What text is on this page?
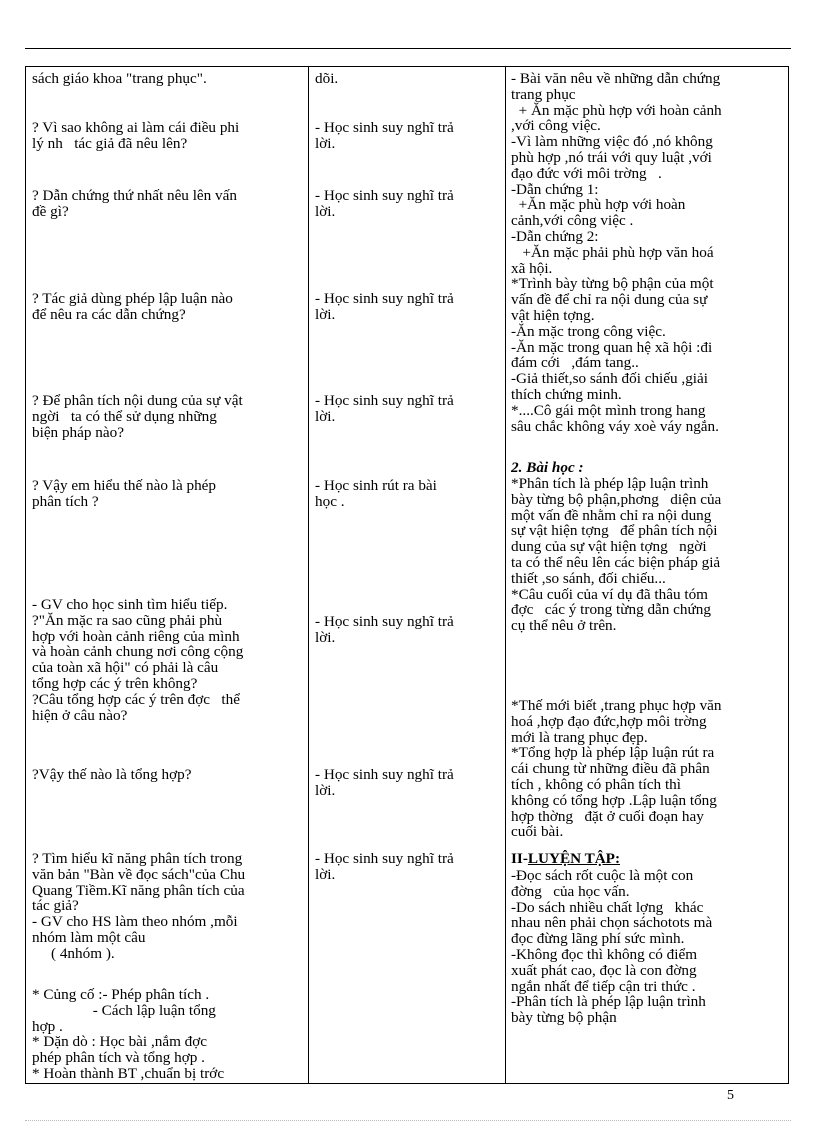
sách giáo khoa "trang phục".
? Vì sao không ai làm cái điều phi
lý nh   tác giả đã nêu lên?
? Dẫn chứng thứ nhất nêu lên vấn
đề gì?
? Tác giả dùng phép lập luận nào
để nêu ra các dẫn chứng?
? Để phân tích nội dung của sự vật
ngời   ta có thể sử dụng những
biện pháp nào?
? Vậy em hiểu thế nào là phép
phân tích ?
- GV cho học sinh tìm hiểu tiếp.
?"Ăn mặc ra sao cũng phải phù
hợp với hoàn cảnh riêng của mình
và hoàn cảnh chung nơi công cộng
của toàn xã hội" có phải là câu
tổng hợp các ý trên không?
?Câu tổng hợp các ý trên đợc   thể
hiện ở câu nào?
?Vậy thế nào là tổng hợp?
? Tìm hiểu kĩ năng phân tích trong
văn bản "Bàn về đọc sách"của Chu
Quang Tiềm.Kĩ năng phân tích của
tác giả?
- GV cho HS làm theo nhóm ,mỗi
nhóm làm một câu
( 4nhóm ).
* Củng cố :- Phép phân tích .
- Cách lập luận tổng
hợp .
* Dặn dò : Học bài ,nắm đợc
phép phân tích và tổng hợp .
* Hoàn thành BT ,chuẩn bị trớc
dõi.
- Học sinh suy nghĩ trả
lời.
- Học sinh suy nghĩ trả
lời.
- Học sinh suy nghĩ trả
lời.
- Học sinh suy nghĩ trả
lời.
- Học sinh rút ra bài
học .
- Học sinh suy nghĩ trả
lời.
- Học sinh suy nghĩ trả
lời.
- Học sinh suy nghĩ trả
lời.
- Bài văn nêu về những dẫn chứng
trang phục
+ Ăn mặc phù hợp với hoàn cảnh
,với công việc.
-Vì làm những việc đó ,nó không
phù hợp ,nó trái với quy luật ,với
đạo đức với môi trờng   .
-Dẫn chứng 1:
+Ăn mặc phù hợp với hoàn
cảnh,với công việc .
-Dẫn chứng 2:
+Ăn mặc phải phù hợp văn hoá
xã hội.
*Trình bày từng bộ phận của một
vấn đề để chỉ ra nội dung của sự
vật hiện tợng.
-Ăn mặc trong công việc.
-Ăn mặc trong quan hệ xã hội :đi
đám cới   ,đám tang..
-Giả thiết,so sánh đối chiếu ,giải
thích chứng minh.
*....Cô gái một mình trong hang
sâu chắc không váy xoè váy ngắn.
2. Bài học :
*Phân tích là phép lập luận trình
bày từng bộ phận,phơng   diện của
một vấn đề nhằm chỉ ra nội dung
sự vật hiện tợng   để phân tích nội
dung của sự vật hiện tợng   ngời
ta có thể nêu lên các biện pháp giả
thiết ,so sánh, đối chiếu...
*Câu cuối của ví dụ đã thâu tóm
đợc   các ý trong từng dẫn chứng
cụ thể nêu ở trên.
*Thế mới biết ,trang phục hợp văn
hoá ,hợp đạo đức,hợp môi trờng
mới là trang phục đẹp.
*Tổng hợp là phép lập luận rút ra
cái chung từ những điều đã phân
tích , không có phân tích thì
không có tổng hợp .Lập luận tổng
hợp thờng   đặt ở cuối đoạn hay
cuối bài.
II-LUYỆN TẬP:
-Đọc sách rốt cuộc là một con
đờng   của học vấn.
-Do sách nhiều chất lợng   khác
nhau nên phải chọn sáchotots mà
đọc đừng lãng phí sức mình.
-Không đọc thì không có điểm
xuất phát cao, đọc là con đờng
ngắn nhất để tiếp cận tri thức .
-Phân tích là phép lập luận trình
bày từng bộ phận
5
